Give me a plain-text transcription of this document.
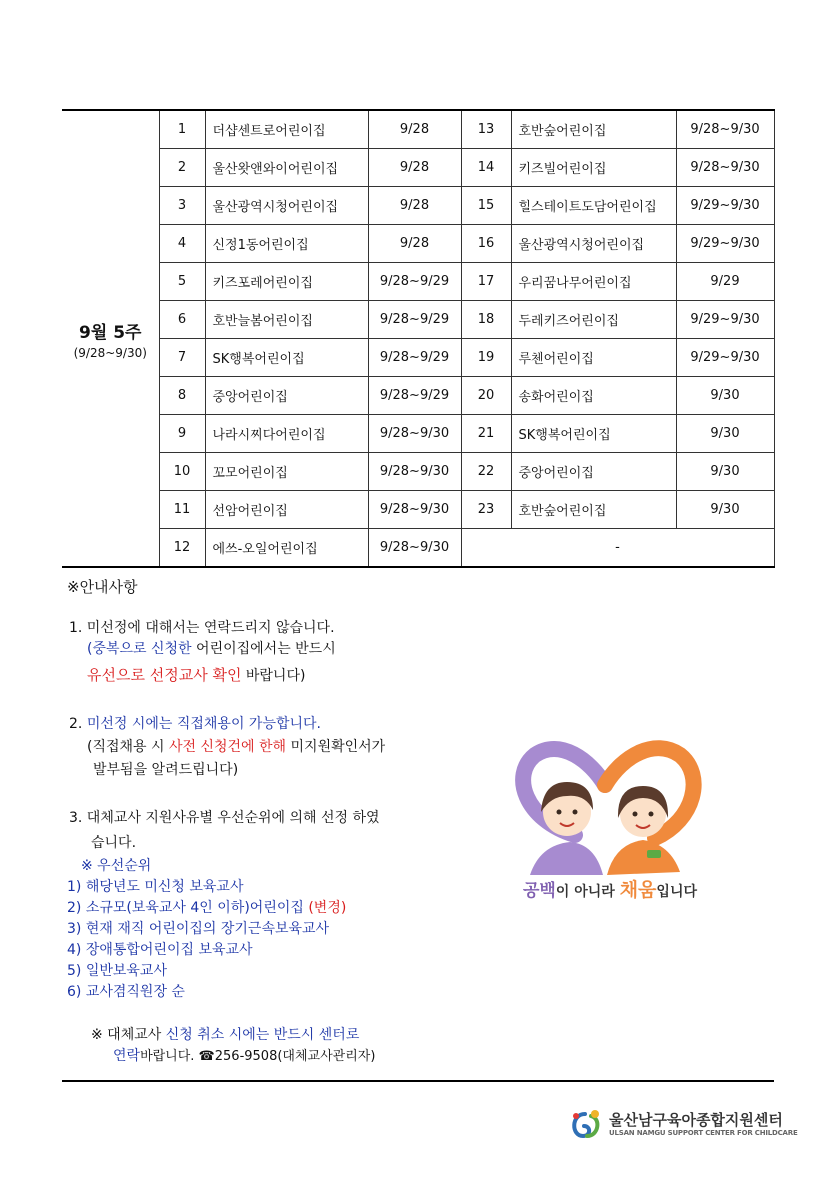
9월 5주
(9/28~9/30)	1	더샵센트로어린이집	9/28	13	호반숲어린이집	9/28~9/30
	2	울산왓앤와이어린이집	9/28	14	키즈빌어린이집	9/28~9/30
	3	울산광역시청어린이집	9/28	15	힐스테이트도담어린이집	9/29~9/30
	4	신정1동어린이집	9/28	16	울산광역시청어린이집	9/29~9/30
	5	키즈포레어린이집	9/28~9/29	17	우리꿈나무어린이집	9/29
	6	호반늘봄어린이집	9/28~9/29	18	두레키즈어린이집	9/29~9/30
	7	SK행복어린이집	9/28~9/29	19	루첸어린이집	9/29~9/30
	8	중앙어린이집	9/28~9/29	20	송화어린이집	9/30
	9	나라시찌다어린이집	9/28~9/30	21	SK행복어린이집	9/30
	10	꼬모어린이집	9/28~9/30	22	중앙어린이집	9/30
	11	선암어린이집	9/28~9/30	23	호반숲어린이집	9/30
	12	에쓰-오일어린이집	9/28~9/30	-		
※안내사항
1. 미선정에 대해서는 연락드리지 않습니다.
(중복으로 신청한 어린이집에서는 반드시
유선으로 선정교사 확인 바랍니다)
2. 미선정 시에는 직접채용이 가능합니다.
(직접채용 시 사전 신청건에 한해 미지원확인서가
발부됨을 알려드립니다)
3. 대체교사 지원사유별 우선순위에 의해 선정 하였
습니다.
※ 우선순위
1) 해당년도 미신청 보육교사
2) 소규모(보육교사 4인 이하)어린이집 (변경)
3) 현재 재직 어린이집의 장기근속보육교사
4) 장애통합어린이집 보육교사
5) 일반보육교사
6) 교사겸직원장 순
※ 대체교사 신청 취소 시에는 반드시 센터로
연락바랍니다. ☎256-9508(대체교사관리자)
공백이 아니라 채움입니다
울산남구육아종합지원센터
ULSAN NAMGU SUPPORT CENTER FOR CHILDCARE
